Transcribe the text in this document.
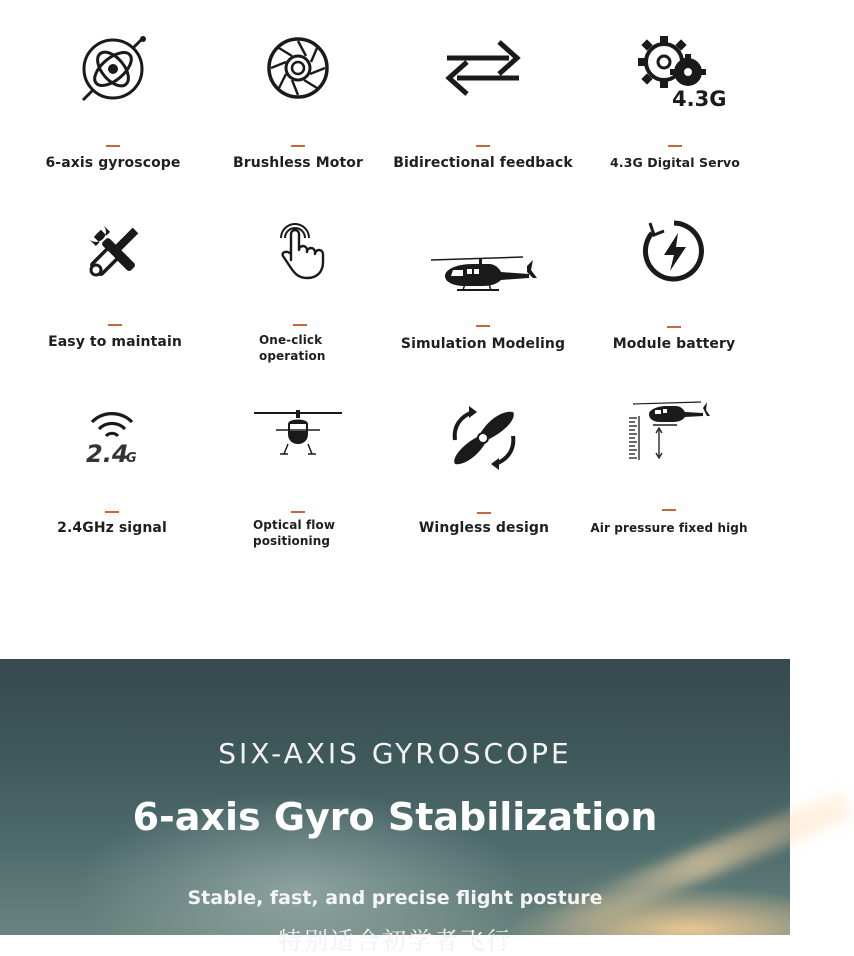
6-axis gyroscope	Brushless Motor	Bidirectional feedback
4.3G
4.3G Digital Servo
Easy to maintain	One-click
operation
Simulation Modeling	Module battery
2.4
G
2.4GHz signal	Optical flow
positioning
Wingless design	Air pressure fixed high
SIX-AXIS GYROSCOPE
6-axis Gyro Stabilization
Stable, fast, and precise flight posture
特别适合初学者飞行
